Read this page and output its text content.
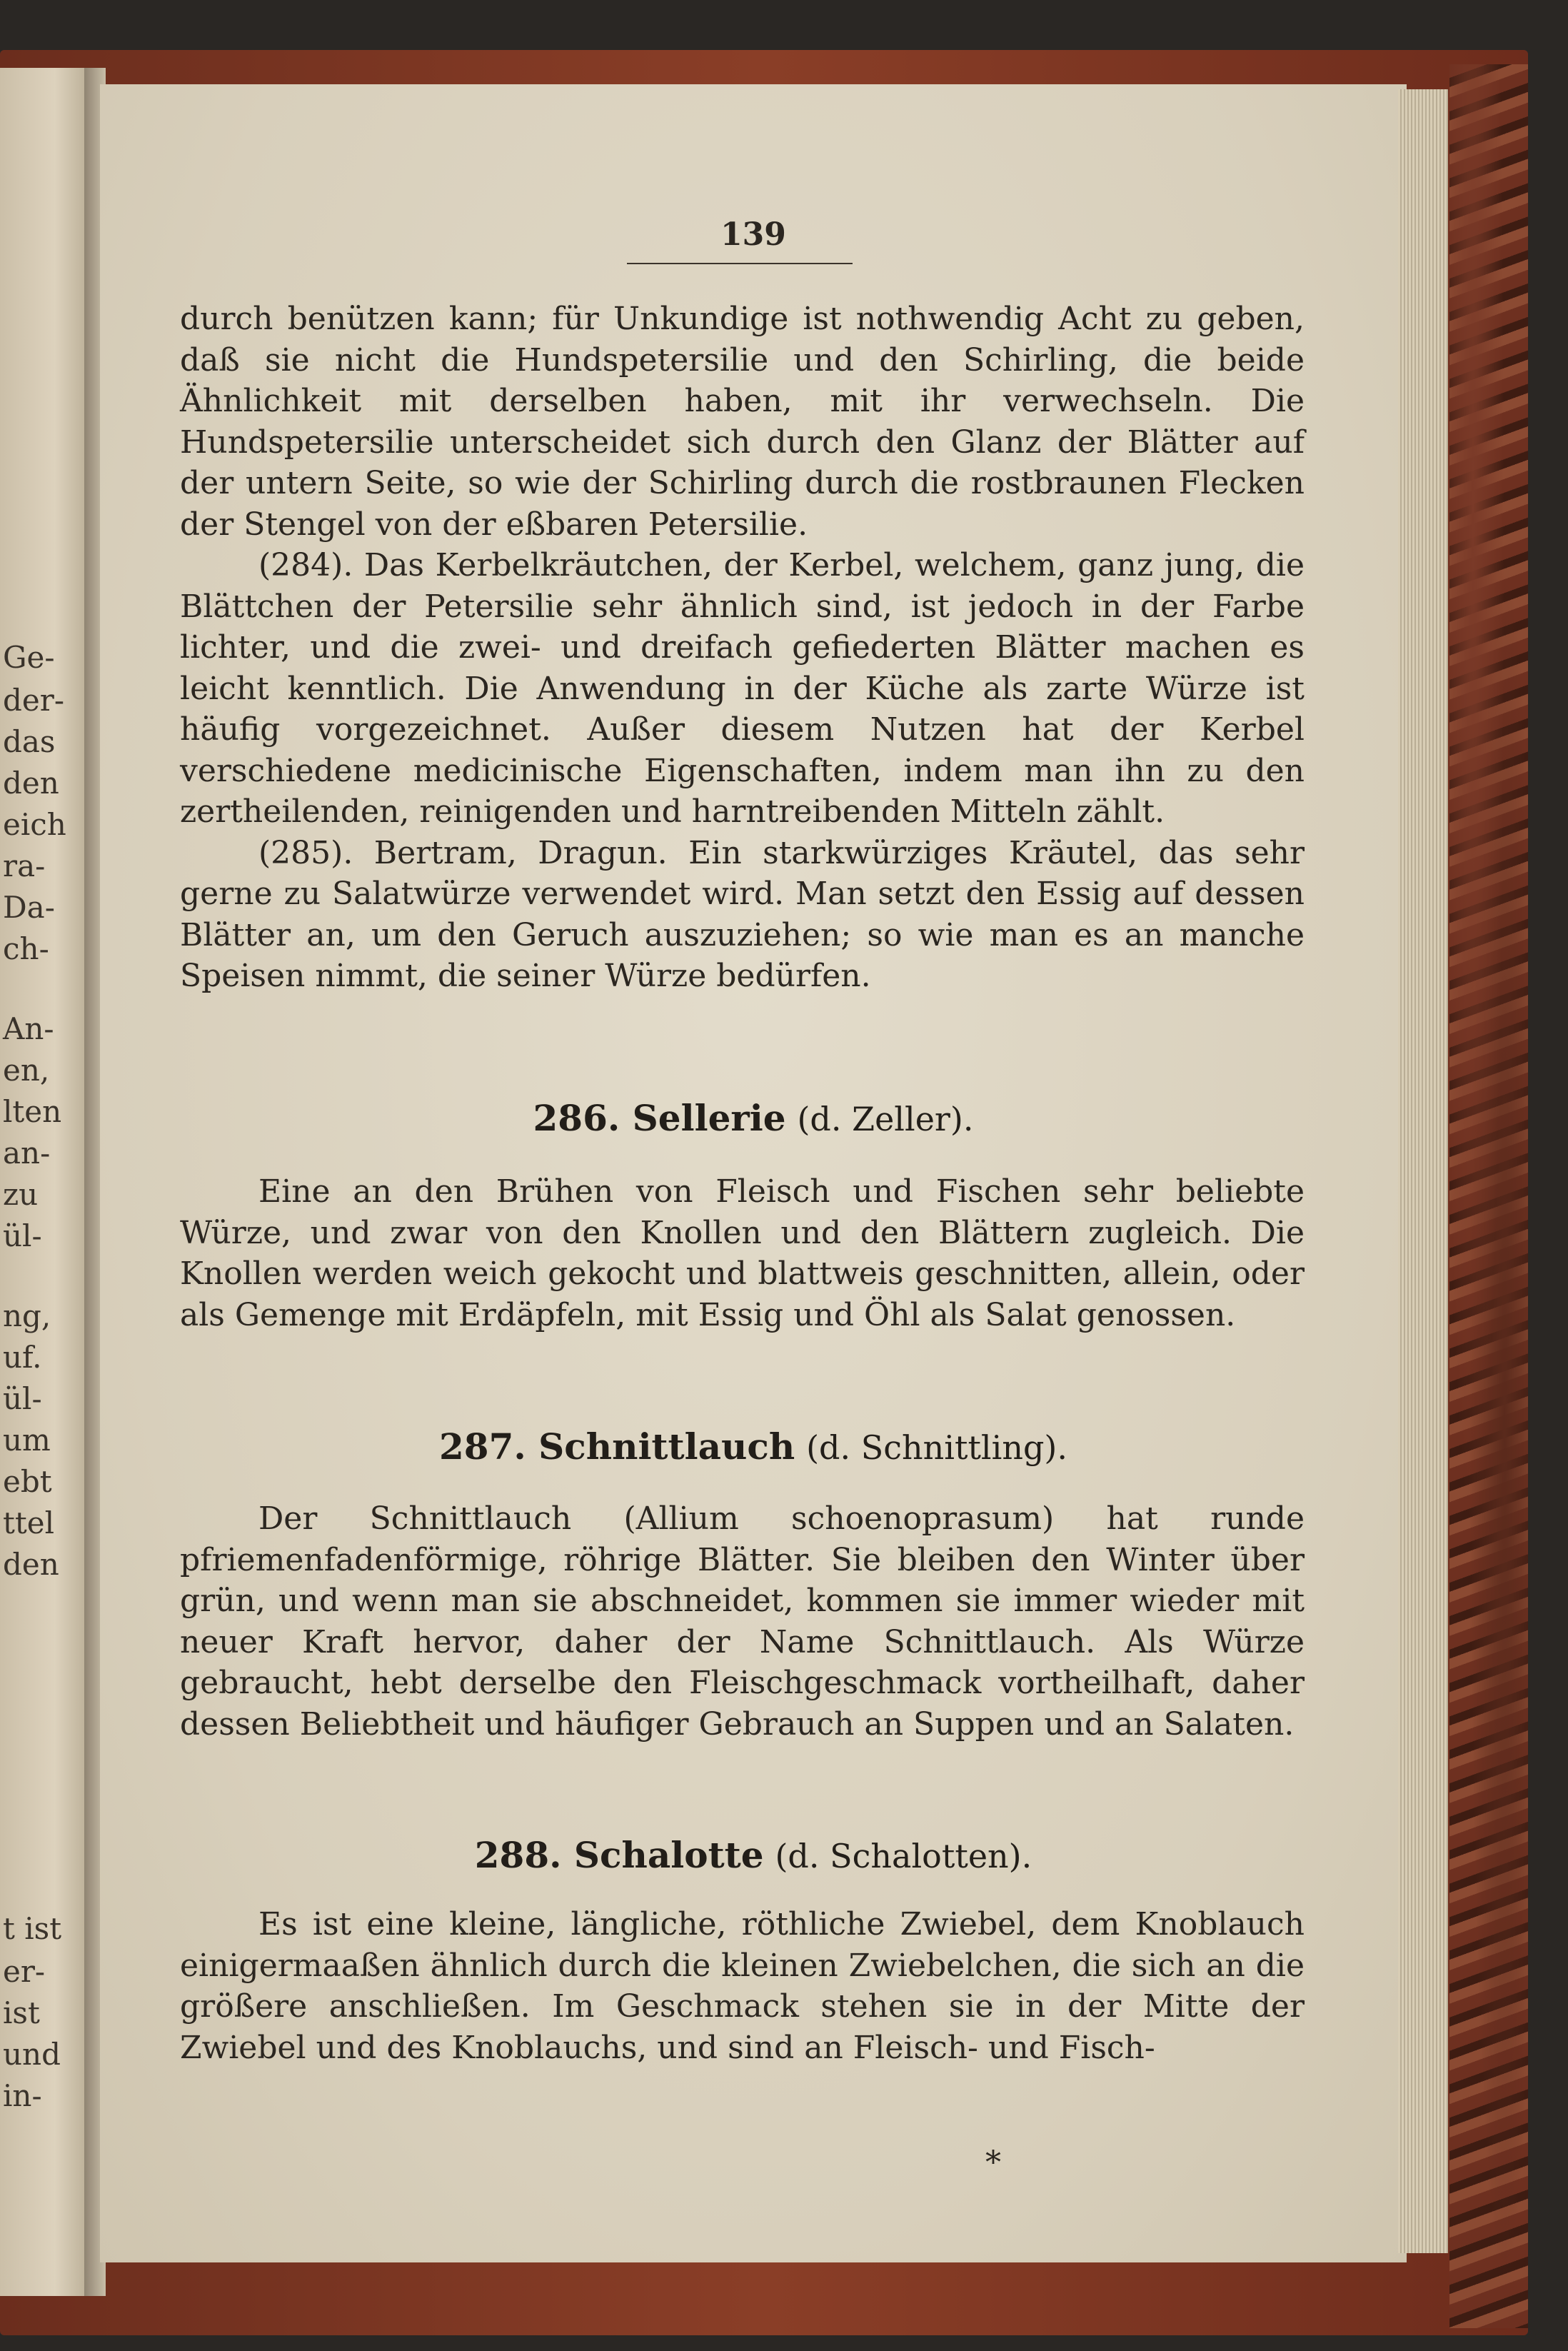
139

durch benützen kann; für Unkundige ist nothwendig Acht zu geben, daß sie nicht die Hundspetersilie und den Schirling, die beide Ähnlichkeit mit derselben haben, mit ihr verwechseln. Die Hundspetersilie unterscheidet sich durch den Glanz der Blätter auf der untern Seite, so wie der Schirling durch die rostbraunen Flecken der Stengel von der eßbaren Petersilie.

(284). Das Kerbelkräutchen, der Kerbel, welchem, ganz jung, die Blättchen der Petersilie sehr ähnlich sind, ist jedoch in der Farbe lichter, und die zwei- und dreifach gefiederten Blätter machen es leicht kenntlich. Die Anwendung in der Küche als zarte Würze ist häufig vorgezeichnet. Außer diesem Nutzen hat der Kerbel verschiedene medicinische Eigenschaften, indem man ihn zu den zertheilenden, reinigenden und harntreibenden Mitteln zählt.

(285). Bertram, Dragun. Ein starkwürziges Kräutel, das sehr gerne zu Salatwürze verwendet wird. Man setzt den Essig auf dessen Blätter an, um den Geruch auszuziehen; so wie man es an manche Speisen nimmt, die seiner Würze bedürfen.

286. Sellerie (d. Zeller).

Eine an den Brühen von Fleisch und Fischen sehr beliebte Würze, und zwar von den Knollen und den Blättern zugleich. Die Knollen werden weich gekocht und blattweis geschnitten, allein, oder als Gemenge mit Erdäpfeln, mit Essig und Öhl als Salat genossen.

287. Schnittlauch (d. Schnittling).

Der Schnittlauch (Allium schoenoprasum) hat runde pfriemenfadenförmige, röhrige Blätter. Sie bleiben den Winter über grün, und wenn man sie abschneidet, kommen sie immer wieder mit neuer Kraft hervor, daher der Name Schnittlauch. Als Würze gebraucht, hebt derselbe den Fleischgeschmack vortheilhaft, daher dessen Beliebtheit und häufiger Gebrauch an Suppen und an Salaten.

288. Schalotte (d. Schalotten).

Es ist eine kleine, längliche, röthliche Zwiebel, dem Knoblauch einigermaaßen ähnlich durch die kleinen Zwiebelchen, die sich an die größere anschließen. Im Geschmack stehen sie in der Mitte der Zwiebel und des Knoblauchs, und sind an Fleisch- und Fisch-

*
Ge-
der-
das
den
eich
ra-
Da-
ch-
An-
en,
lten
an-
zu
ül-
ng,
uf.
ül-
um
ebt
ttel
den
t ist
er-
ist
und
in-
